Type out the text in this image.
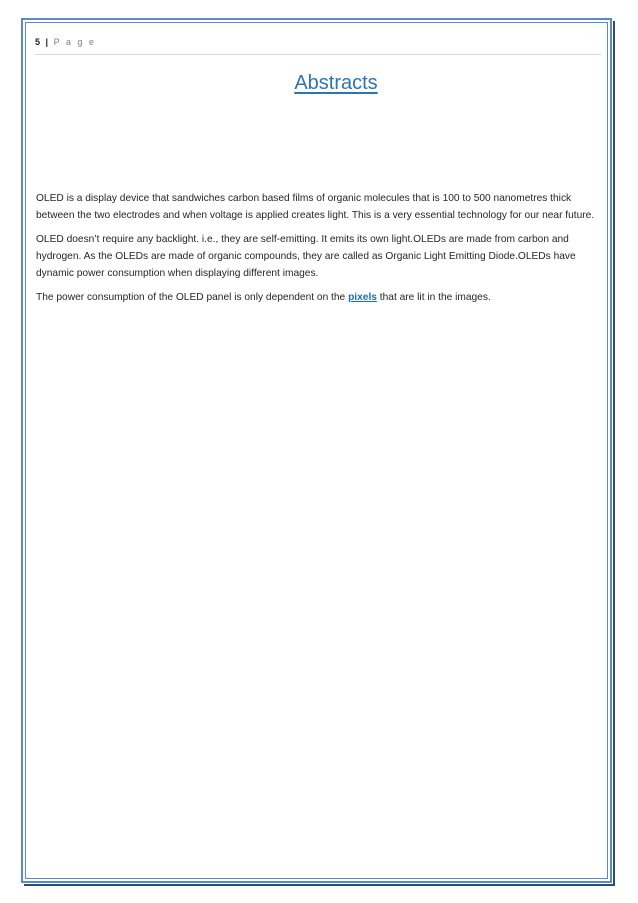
5 | P a g e
Abstracts

OLED is a display device that sandwiches carbon based films of organic molecules that is 100 to 500 nanometres thick between the two electrodes and when voltage is applied creates light. This is a very essential technology for our near future.

OLED doesn’t require any backlight. i.e., they are self-emitting. It emits its own light.OLEDs are made from carbon and hydrogen. As the OLEDs are made of organic compounds, they are called as Organic Light Emitting Diode.OLEDs have dynamic power consumption when displaying different images.

The power consumption of the OLED panel is only dependent on the pixels that are lit in the images.
